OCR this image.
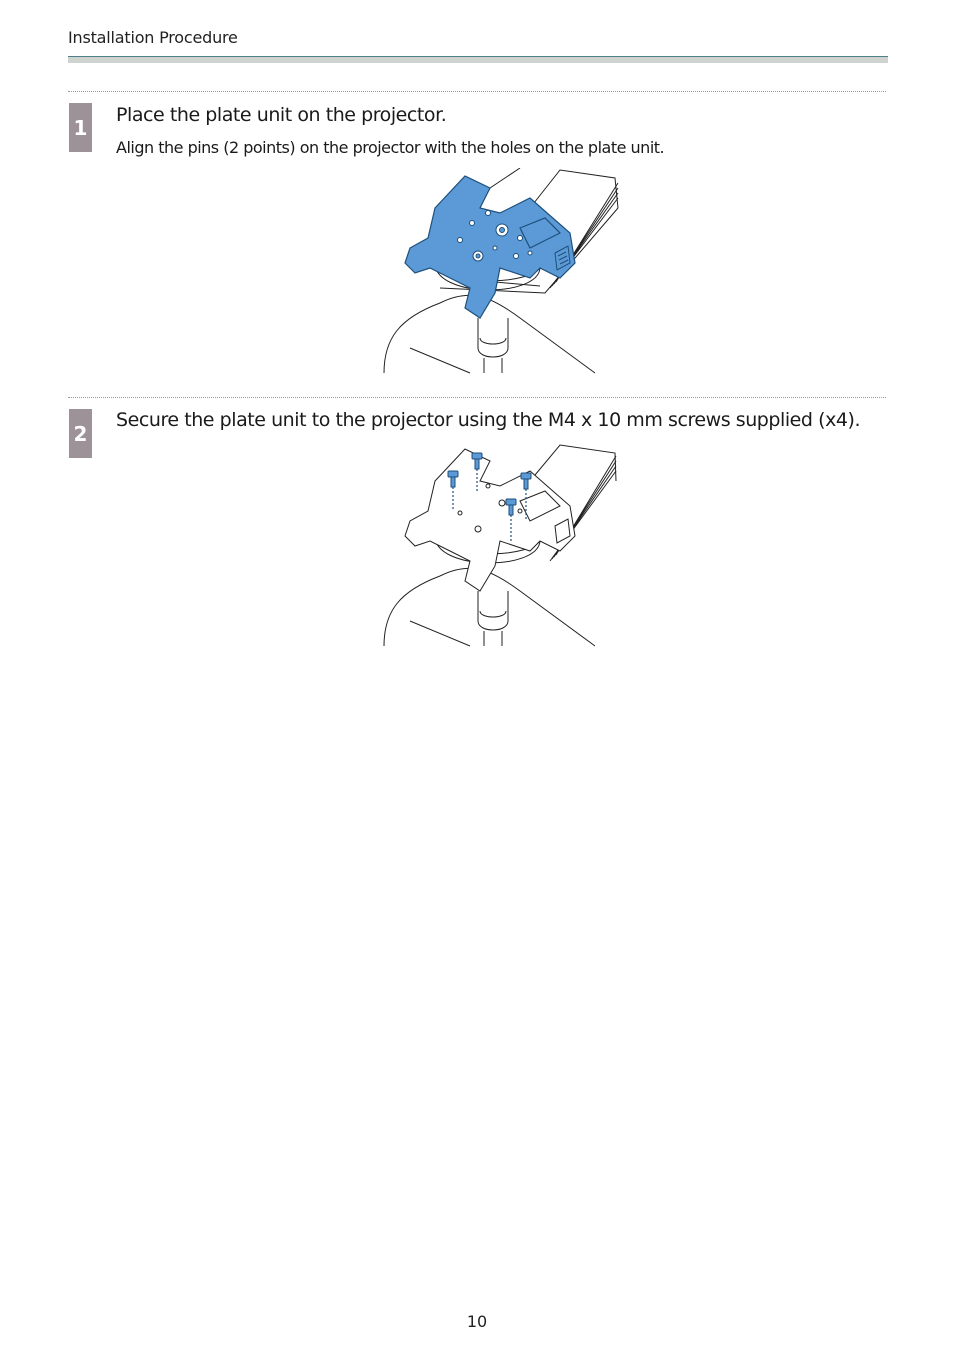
Installation Procedure
1
Place the plate unit on the projector.
Align the pins (2 points) on the projector with the holes on the plate unit.
2
Secure the plate unit to the projector using the M4 x 10 mm screws supplied (x4).
10
